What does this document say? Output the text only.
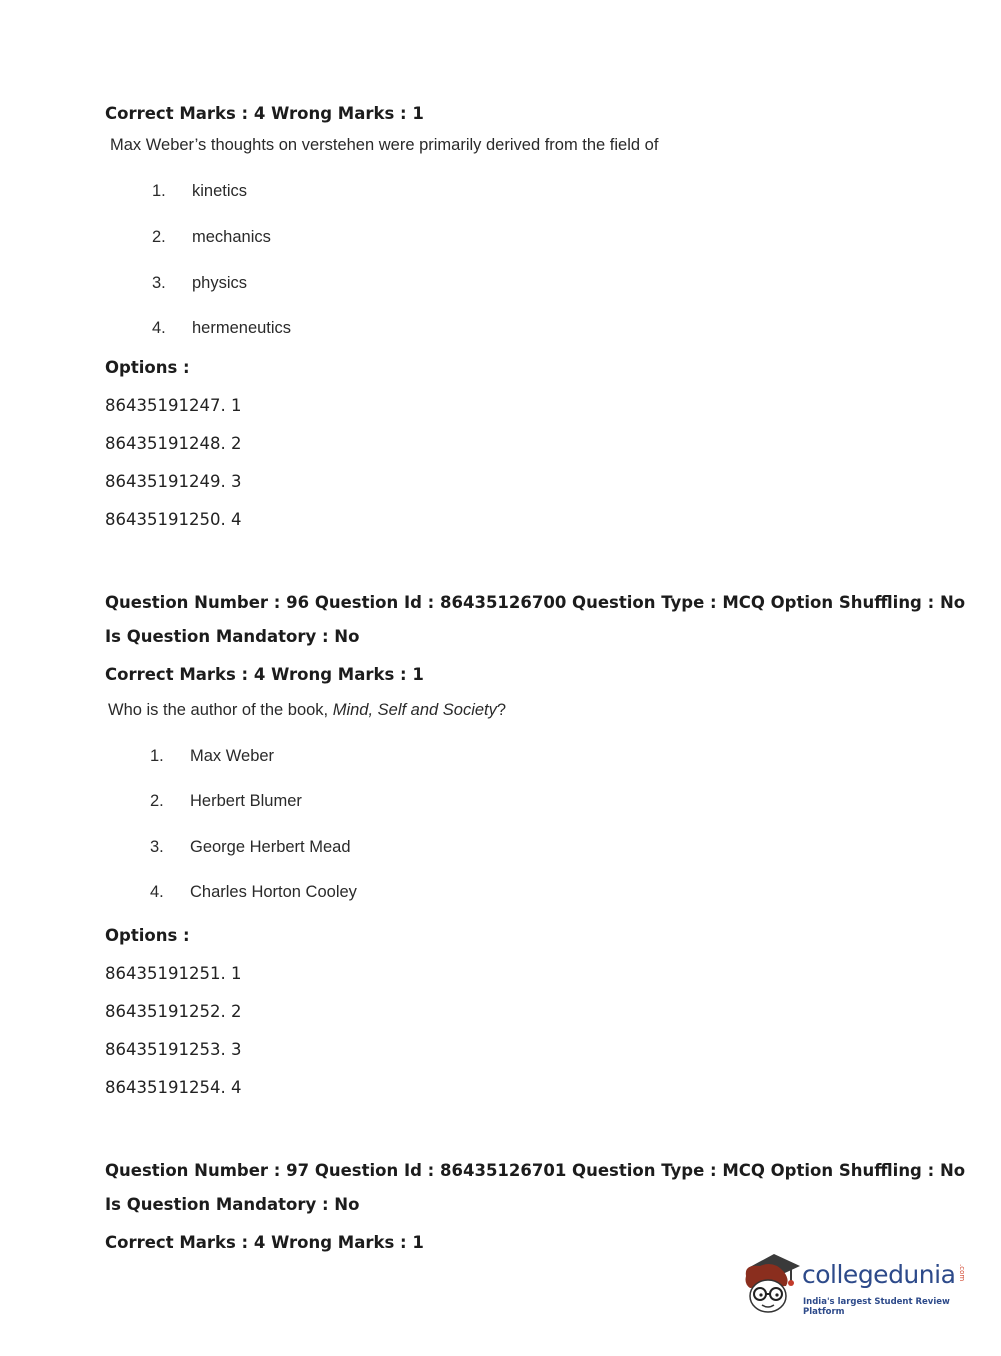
Correct Marks : 4 Wrong Marks : 1
Max Weber’s thoughts on verstehen were primarily derived from the field of
1. kinetics
2. mechanics
3. physics
4. hermeneutics
Options :
86435191247. 1
86435191248. 2
86435191249. 3
86435191250. 4
Question Number : 96 Question Id : 86435126700 Question Type : MCQ Option Shuffling : No
Is Question Mandatory : No
Correct Marks : 4 Wrong Marks : 1
Who is the author of the book, Mind, Self and Society?
1. Max Weber
2. Herbert Blumer
3. George Herbert Mead
4. Charles Horton Cooley
Options :
86435191251. 1
86435191252. 2
86435191253. 3
86435191254. 4
Question Number : 97 Question Id : 86435126701 Question Type : MCQ Option Shuffling : No
Is Question Mandatory : No
Correct Marks : 4 Wrong Marks : 1
collegedunia .com
India's largest Student Review Platform
